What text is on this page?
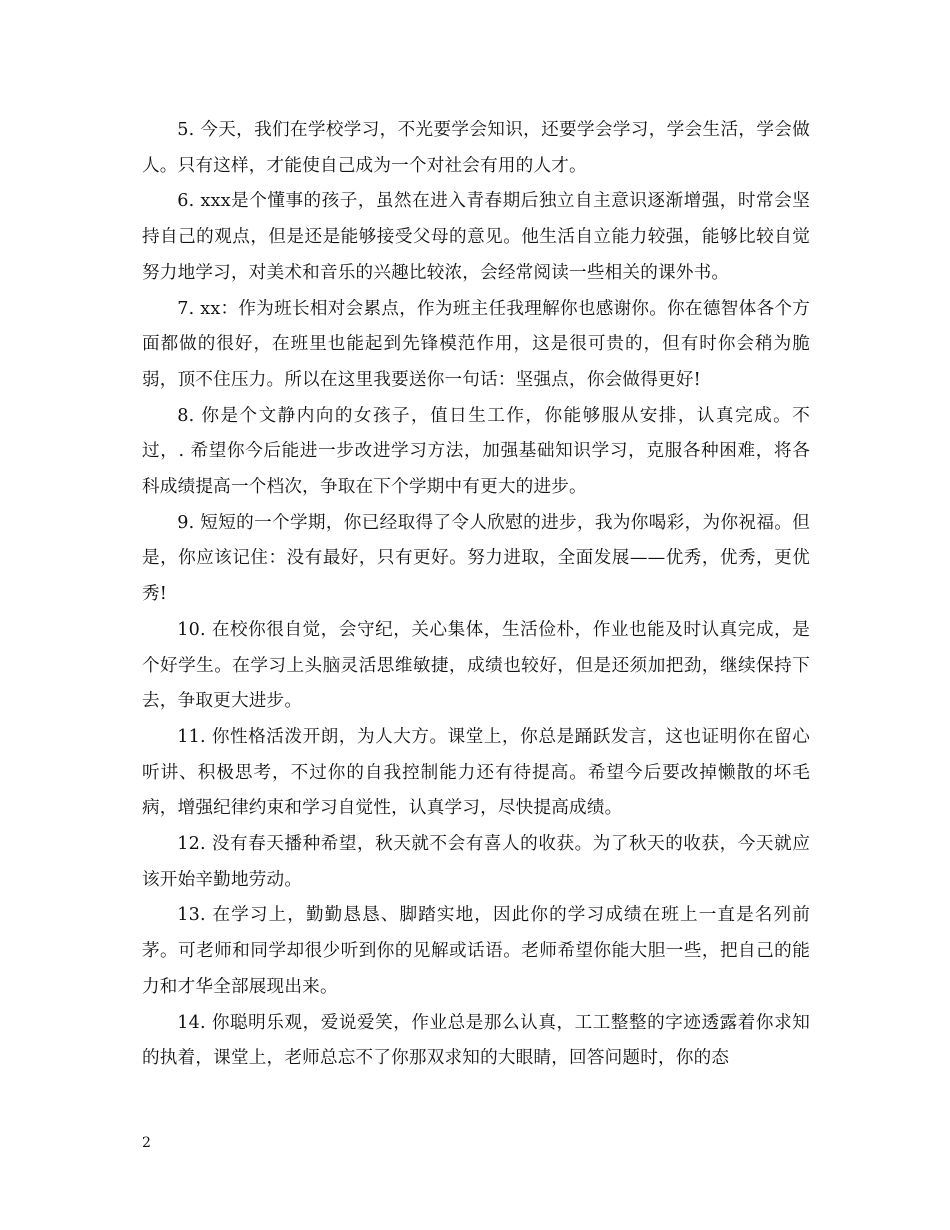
5. 今天，我们在学校学习，不光要学会知识，还要学会学习，学会生活，学会做人。只有这样，才能使自己成为一个对社会有用的人才。

6. xxx是个懂事的孩子，虽然在进入青春期后独立自主意识逐渐增强，时常会坚持自己的观点，但是还是能够接受父母的意见。他生活自立能力较强，能够比较自觉努力地学习，对美术和音乐的兴趣比较浓，会经常阅读一些相关的课外书。

7. xx：作为班长相对会累点，作为班主任我理解你也感谢你。你在德智体各个方面都做的很好，在班里也能起到先锋模范作用，这是很可贵的，但有时你会稍为脆弱，顶不住压力。所以在这里我要送你一句话：坚强点，你会做得更好!

8. 你是个文静内向的女孩子，值日生工作，你能够服从安排，认真完成。不过，. 希望你今后能进一步改进学习方法，加强基础知识学习，克服各种困难，将各科成绩提高一个档次，争取在下个学期中有更大的进步。

9. 短短的一个学期，你已经取得了令人欣慰的进步，我为你喝彩，为你祝福。但是，你应该记住：没有最好，只有更好。努力进取，全面发展——优秀，优秀，更优秀!

10. 在校你很自觉，会守纪，关心集体，生活俭朴，作业也能及时认真完成，是个好学生。在学习上头脑灵活思维敏捷，成绩也较好，但是还须加把劲，继续保持下去，争取更大进步。

11. 你性格活泼开朗，为人大方。课堂上，你总是踊跃发言，这也证明你在留心听讲、积极思考，不过你的自我控制能力还有待提高。希望今后要改掉懒散的坏毛病，增强纪律约束和学习自觉性，认真学习，尽快提高成绩。

12. 没有春天播种希望，秋天就不会有喜人的收获。为了秋天的收获，今天就应该开始辛勤地劳动。

13. 在学习上，勤勤恳恳、脚踏实地，因此你的学习成绩在班上一直是名列前茅。可老师和同学却很少听到你的见解或话语。老师希望你能大胆一些，把自己的能力和才华全部展现出来。

14. 你聪明乐观，爱说爱笑，作业总是那么认真，工工整整的字迹透露着你求知的执着，课堂上，老师总忘不了你那双求知的大眼睛，回答问题时，你的态

2
